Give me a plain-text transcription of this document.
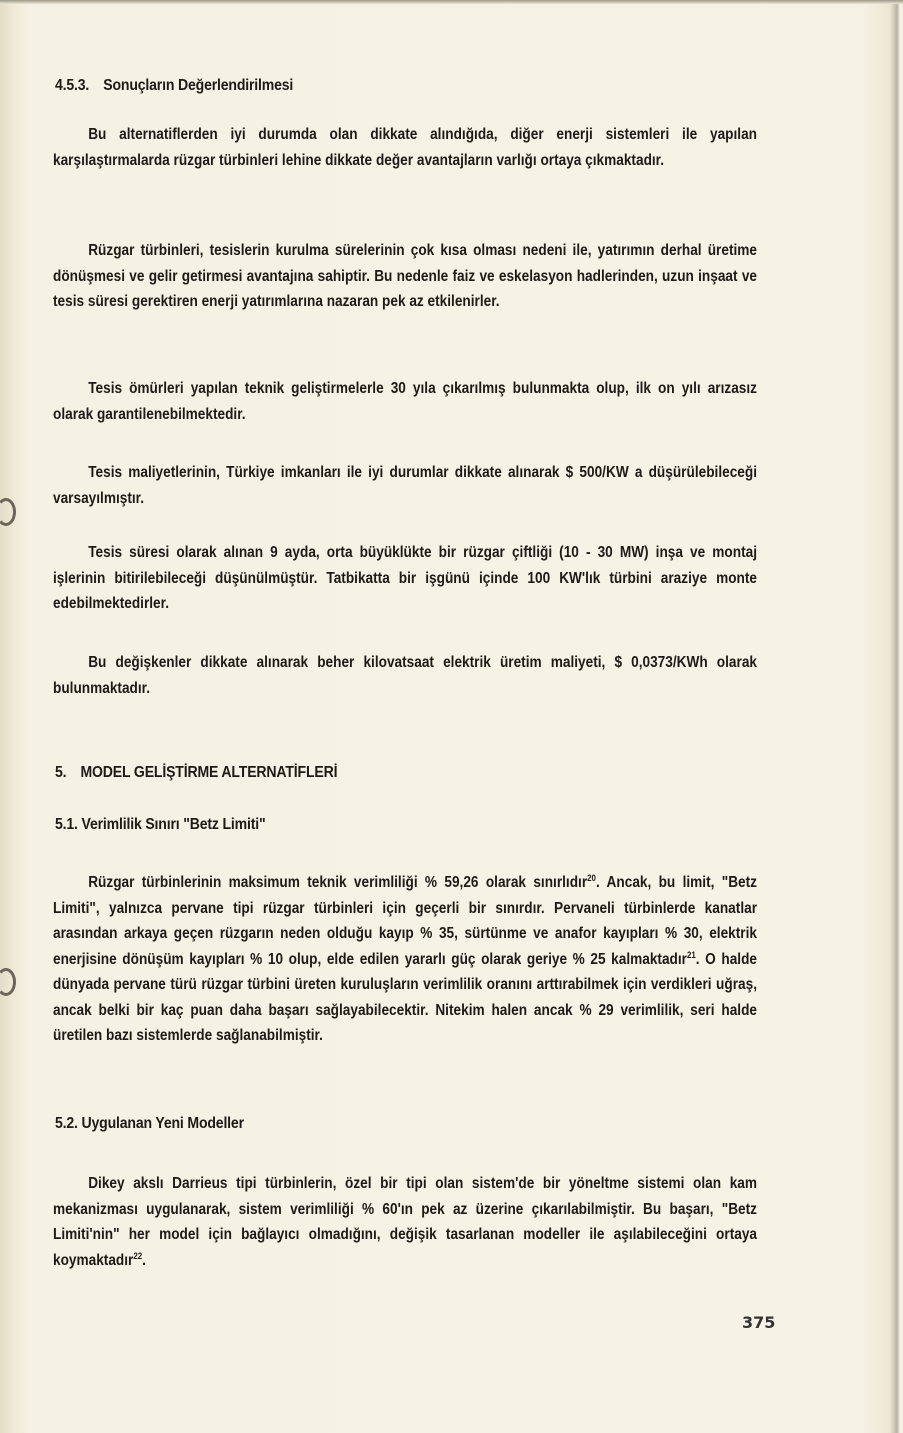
4.5.3. Sonuçların Değerlendirilmesi

Bu alternatiflerden iyi durumda olan dikkate alındığıda, diğer enerji sistemleri ile yapılan karşılaştırmalarda rüzgar türbinleri lehine dikkate değer avantajların varlığı ortaya çıkmaktadır.

Rüzgar türbinleri, tesislerin kurulma sürelerinin çok kısa olması nedeni ile, yatırımın derhal üretime dönüşmesi ve gelir getirmesi avantajına sahiptir. Bu nedenle faiz ve eskelasyon hadlerinden, uzun inşaat ve tesis süresi gerektiren enerji yatırımlarına nazaran pek az etkilenirler.

Tesis ömürleri yapılan teknik geliştirmelerle 30 yıla çıkarılmış bulunmakta olup, ilk on yılı arızasız olarak garantilenebilmektedir.

Tesis maliyetlerinin, Türkiye imkanları ile iyi durumlar dikkate alınarak $ 500/KW a düşürülebileceği varsayılmıştır.

Tesis süresi olarak alınan 9 ayda, orta büyüklükte bir rüzgar çiftliği (10 - 30 MW) inşa ve montaj işlerinin bitirilebileceği düşünülmüştür. Tatbikatta bir işgünü içinde 100 KW'lık türbini araziye monte edebilmektedirler.

Bu değişkenler dikkate alınarak beher kilovatsaat elektrik üretim maliyeti, $ 0,0373/KWh olarak bulunmaktadır.

5. MODEL GELİŞTİRME ALTERNATİFLERİ
5.1. Verimlilik Sınırı "Betz Limiti"

Rüzgar türbinlerinin maksimum teknik verimliliği % 59,26 olarak sınırlıdır$^{20}$. Ancak, bu limit, "Betz Limiti", yalnızca pervane tipi rüzgar türbinleri için geçerli bir sınırdır. Pervaneli türbinlerde kanatlar arasından arkaya geçen rüzgarın neden olduğu kayıp % 35, sürtünme ve anafor kayıpları % 30, elektrik enerjisine dönüşüm kayıpları % 10 olup, elde edilen yararlı güç olarak geriye % 25 kalmaktadır$^{21}$. O halde dünyada pervane türü rüzgar türbini üreten kuruluşların verimlilik oranını arttırabilmek için verdikleri uğraş, ancak belki bir kaç puan daha başarı sağlayabilecektir. Nitekim halen ancak % 29 verimlilik, seri halde üretilen bazı sistemlerde sağlanabilmiştir.

5.2. Uygulanan Yeni Modeller

Dikey akslı Darrieus tipi türbinlerin, özel bir tipi olan sistem'de bir yöneltme sistemi olan kam mekanizması uygulanarak, sistem verimliliği % 60'ın pek az üzerine çıkarılabilmiştir. Bu başarı, "Betz Limiti'nin" her model için bağlayıcı olmadığını, değişik tasarlanan modeller ile aşılabileceğini ortaya koymaktadır$^{22}$.

375
